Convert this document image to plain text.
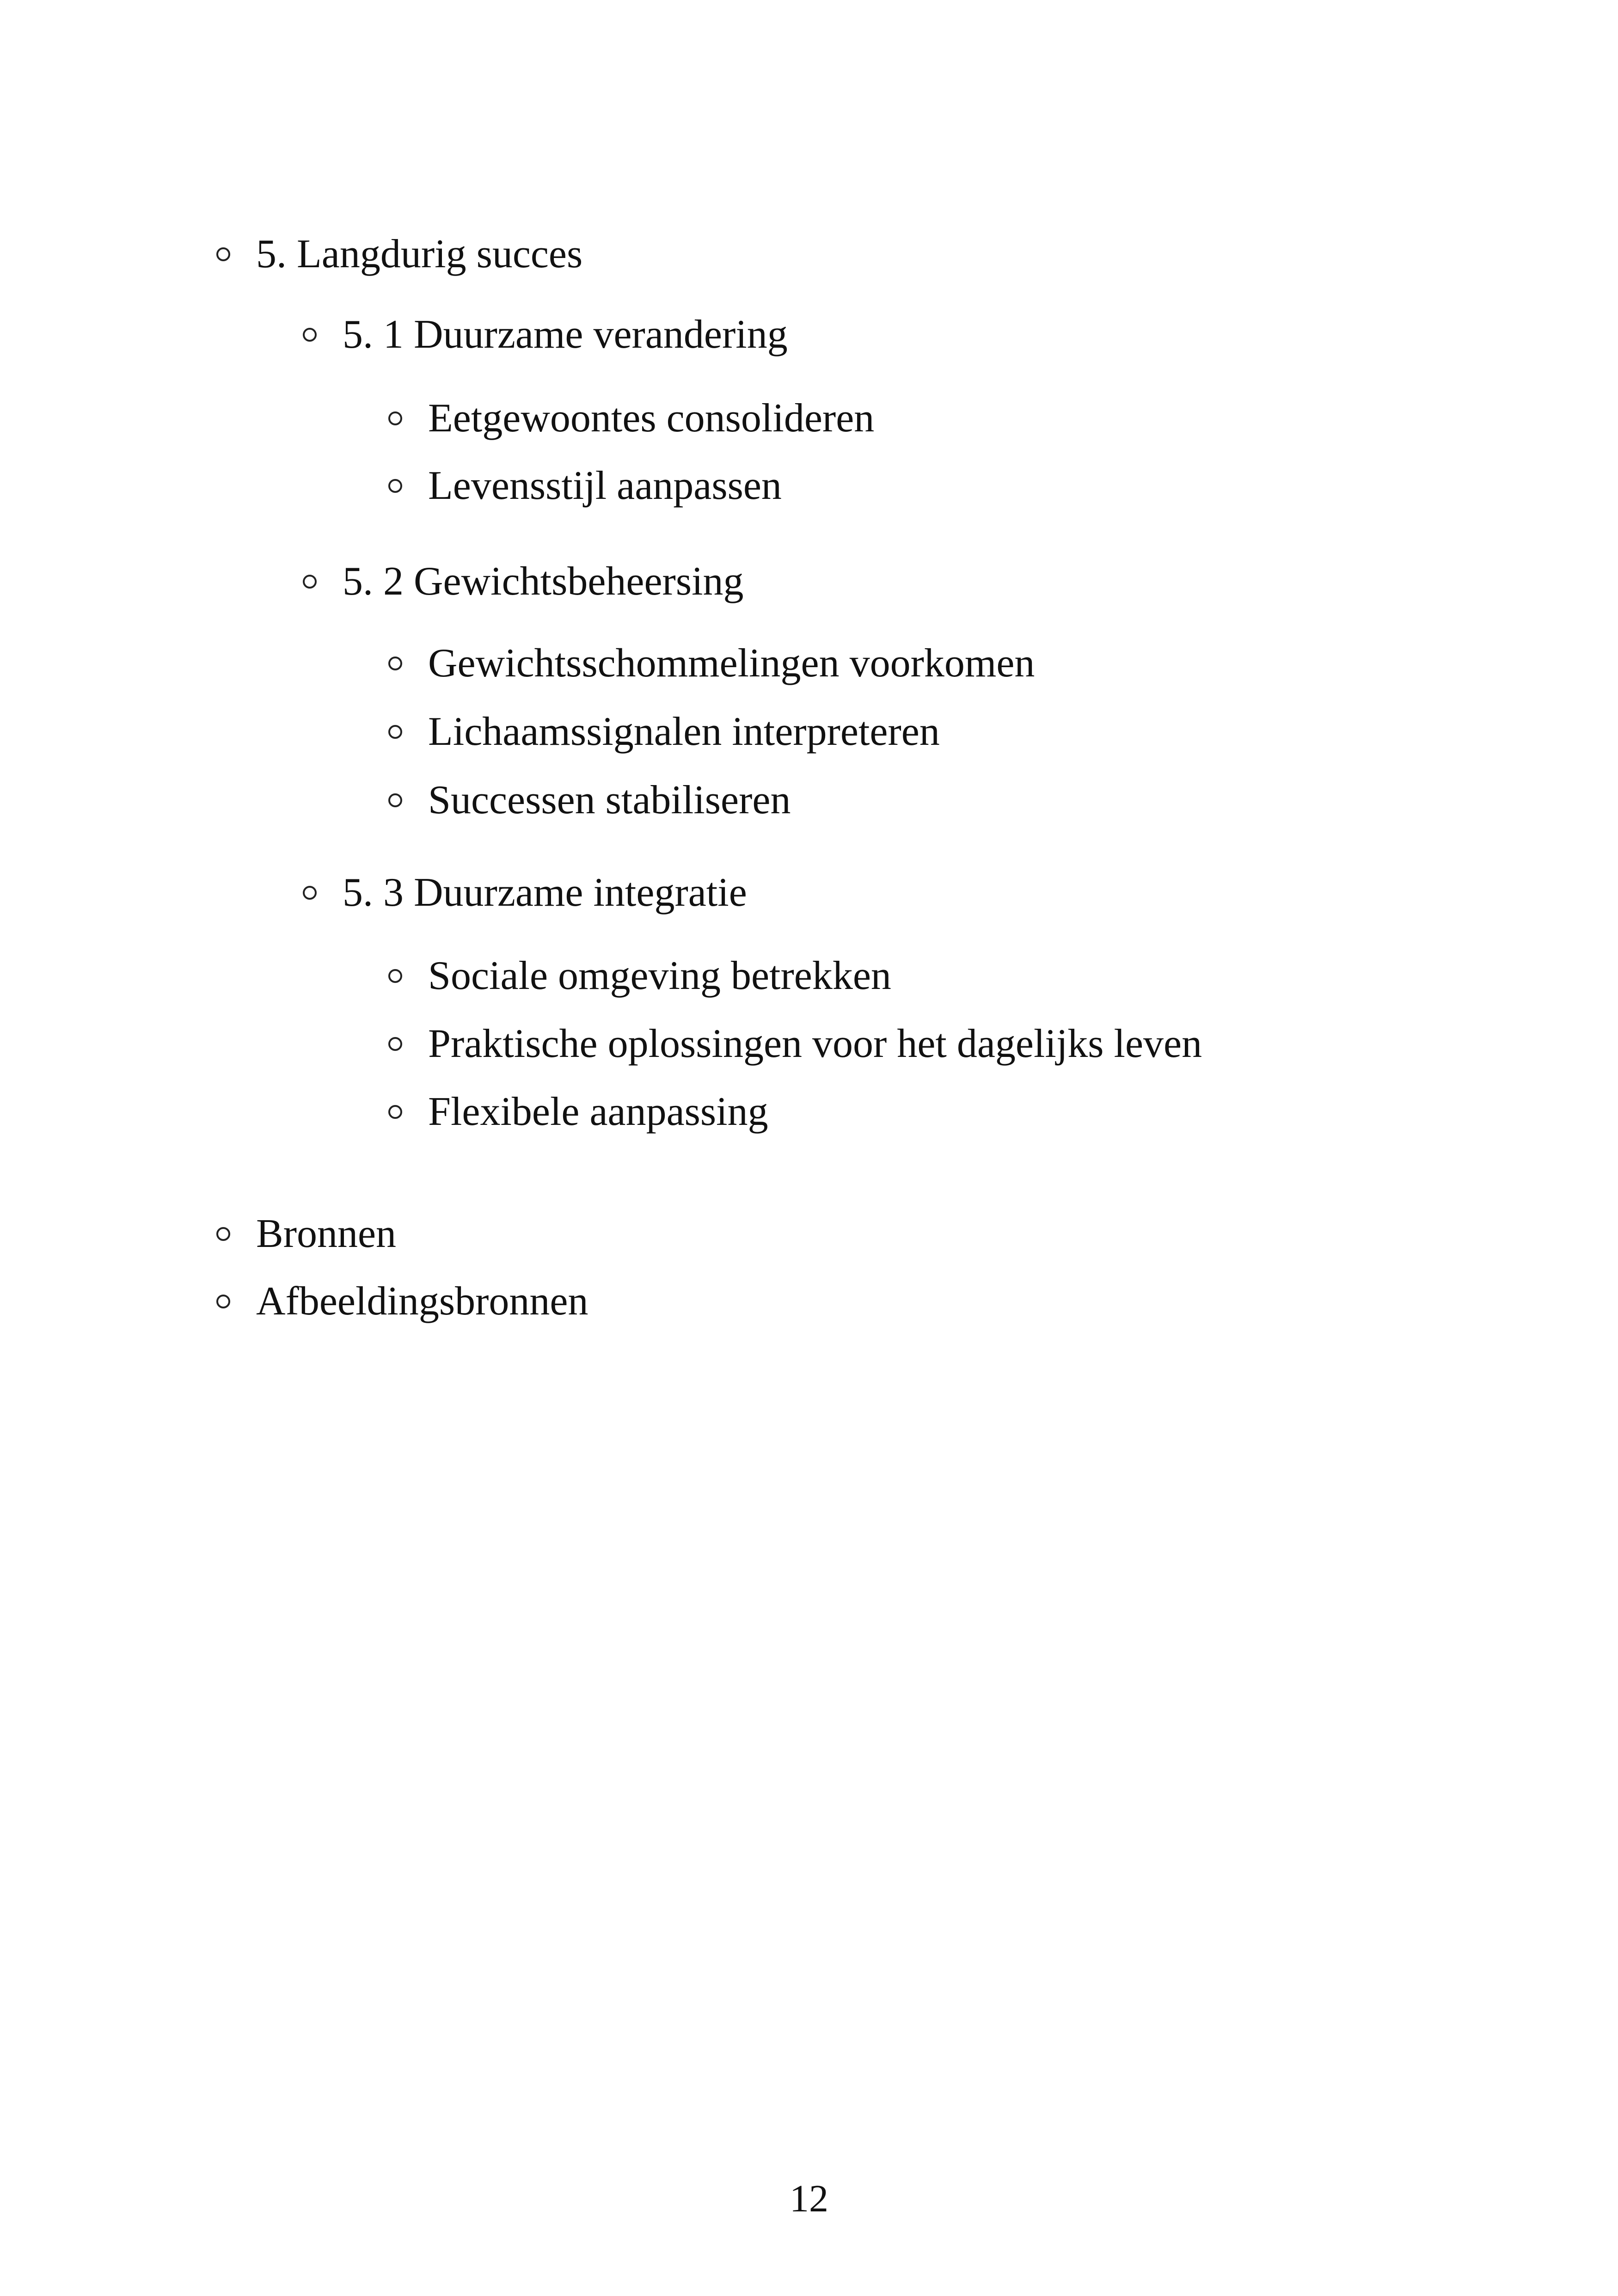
5. Langdurig succes
5. 1 Duurzame verandering
Eetgewoontes consolideren
Levensstijl aanpassen
5. 2 Gewichtsbeheersing
Gewichtsschommelingen voorkomen
Lichaamssignalen interpreteren
Successen stabiliseren
5. 3 Duurzame integratie
Sociale omgeving betrekken
Praktische oplossingen voor het dagelijks leven
Flexibele aanpassing
Bronnen
Afbeeldingsbronnen
12
